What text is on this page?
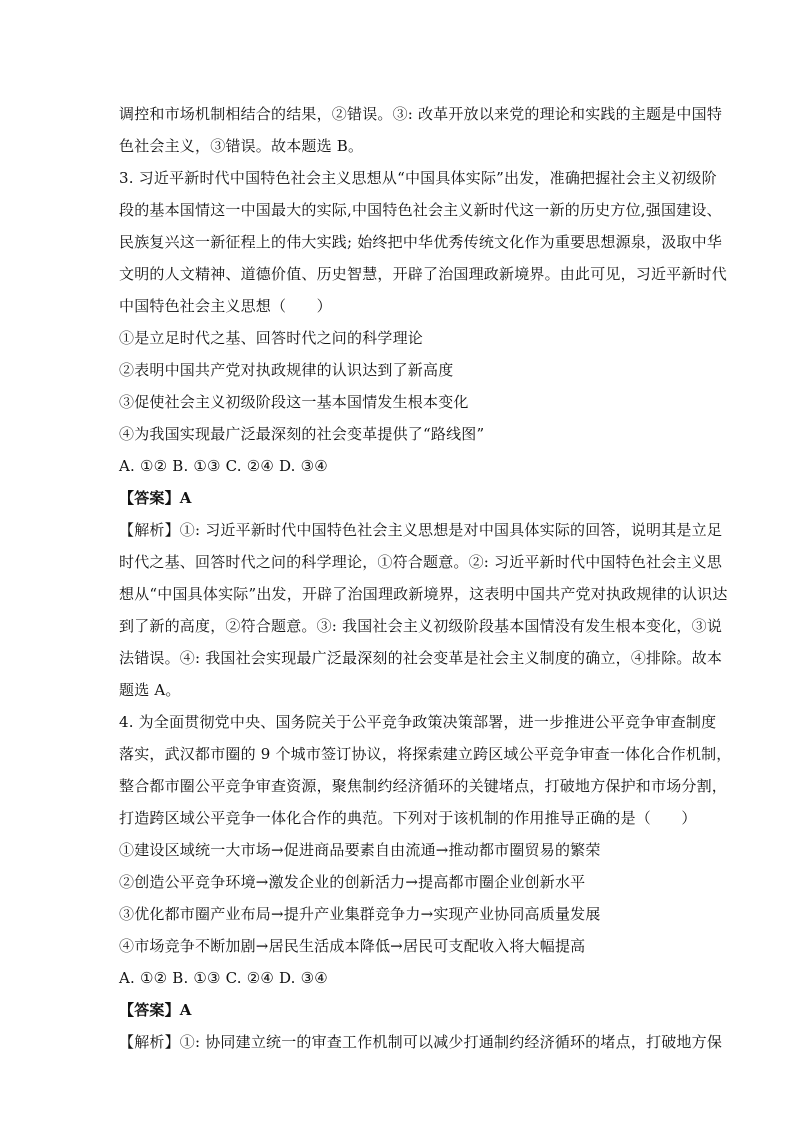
调控和市场机制相结合的结果，②错误。③: 改革开放以来党的理论和实践的主题是中国特
色社会主义，③错误。故本题选 B。
3. 习近平新时代中国特色社会主义思想从“中国具体实际”出发，准确把握社会主义初级阶
段的基本国情这一中国最大的实际,中国特色社会主义新时代这一新的历史方位,强国建设、
民族复兴这一新征程上的伟大实践; 始终把中华优秀传统文化作为重要思想源泉，汲取中华
文明的人文精神、道德价值、历史智慧，开辟了治国理政新境界。由此可见，习近平新时代
中国特色社会主义思想（　　）
①是立足时代之基、回答时代之问的科学理论
②表明中国共产党对执政规律的认识达到了新高度
③促使社会主义初级阶段这一基本国情发生根本变化
④为我国实现最广泛最深刻的社会变革提供了“路线图”
A. ①② B. ①③ C. ②④ D. ③④
【答案】A
【解析】①: 习近平新时代中国特色社会主义思想是对中国具体实际的回答，说明其是立足
时代之基、回答时代之问的科学理论，①符合题意。②: 习近平新时代中国特色社会主义思
想从“中国具体实际”出发，开辟了治国理政新境界，这表明中国共产党对执政规律的认识达
到了新的高度，②符合题意。③: 我国社会主义初级阶段基本国情没有发生根本变化，③说
法错误。④: 我国社会实现最广泛最深刻的社会变革是社会主义制度的确立，④排除。故本
题选 A。
4. 为全面贯彻党中央、国务院关于公平竞争政策决策部署，进一步推进公平竞争审查制度
落实，武汉都市圈的 9 个城市签订协议，将探索建立跨区域公平竞争审查一体化合作机制，
整合都市圈公平竞争审查资源，聚焦制约经济循环的关键堵点，打破地方保护和市场分割，
打造跨区域公平竞争一体化合作的典范。下列对于该机制的作用推导正确的是（　　）
①建设区域统一大市场→促进商品要素自由流通→推动都市圈贸易的繁荣
②创造公平竞争环境→激发企业的创新活力→提高都市圈企业创新水平
③优化都市圈产业布局→提升产业集群竞争力→实现产业协同高质量发展
④市场竞争不断加剧→居民生活成本降低→居民可支配收入将大幅提高
A. ①② B. ①③ C. ②④ D. ③④
【答案】A
【解析】①: 协同建立统一的审查工作机制可以减少打通制约经济循环的堵点，打破地方保
